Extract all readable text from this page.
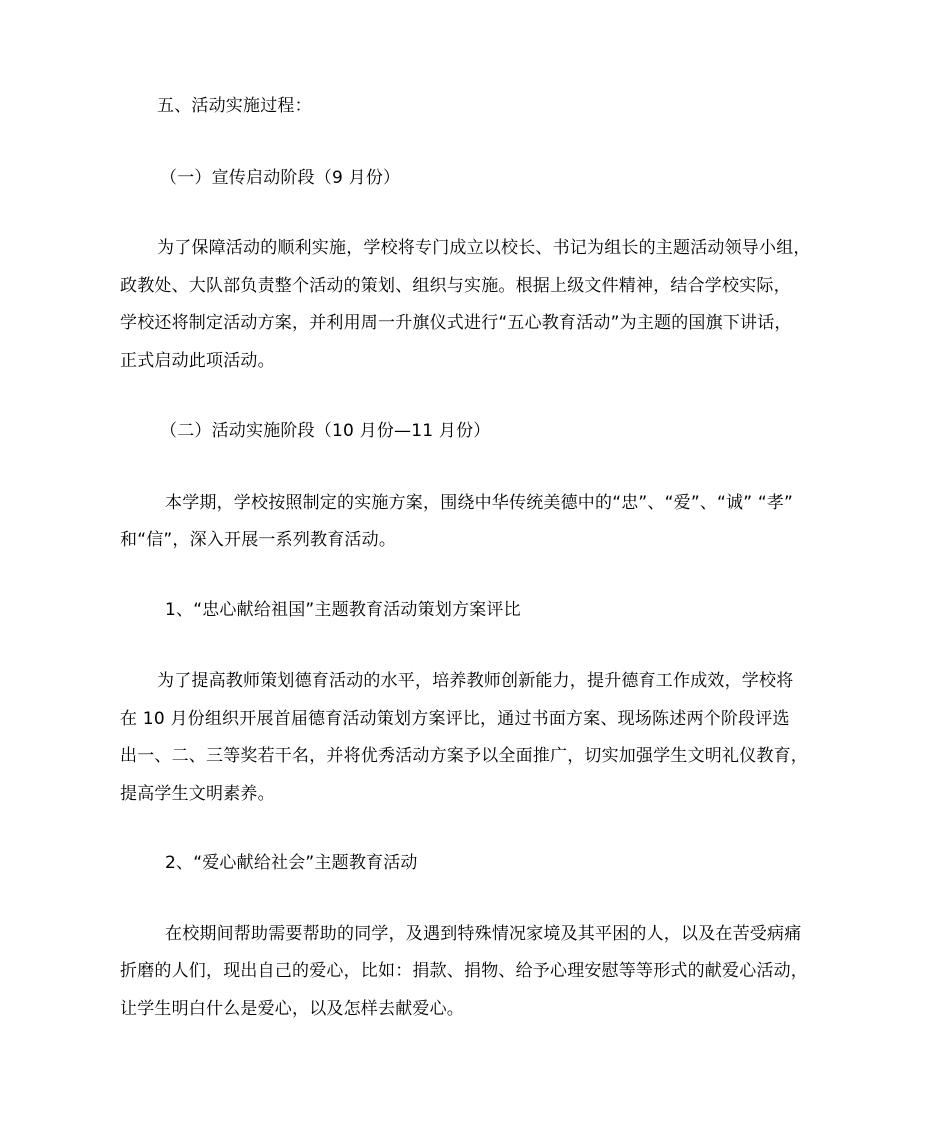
五、活动实施过程：
（一）宣传启动阶段（9 月份）
为了保障活动的顺利实施，学校将专门成立以校长、书记为组长的主题活动领导小组，
政教处、大队部负责整个活动的策划、组织与实施。根据上级文件精神，结合学校实际，
学校还将制定活动方案，并利用周一升旗仪式进行“五心教育活动”为主题的国旗下讲话，
正式启动此项活动。
（二）活动实施阶段（10 月份—11 月份）
本学期，学校按照制定的实施方案，围绕中华传统美德中的“忠”、“爱”、“诚” “孝”
和“信”，深入开展一系列教育活动。
1、“忠心献给祖国”主题教育活动策划方案评比
为了提高教师策划德育活动的水平，培养教师创新能力，提升德育工作成效，学校将
在 10 月份组织开展首届德育活动策划方案评比，通过书面方案、现场陈述两个阶段评选
出一、二、三等奖若干名，并将优秀活动方案予以全面推广，切实加强学生文明礼仪教育，
提高学生文明素养。
2、“爱心献给社会”主题教育活动
在校期间帮助需要帮助的同学，及遇到特殊情况家境及其平困的人，以及在苦受病痛
折磨的人们，现出自己的爱心，比如：捐款、捐物、给予心理安慰等等形式的献爱心活动，
让学生明白什么是爱心，以及怎样去献爱心。
